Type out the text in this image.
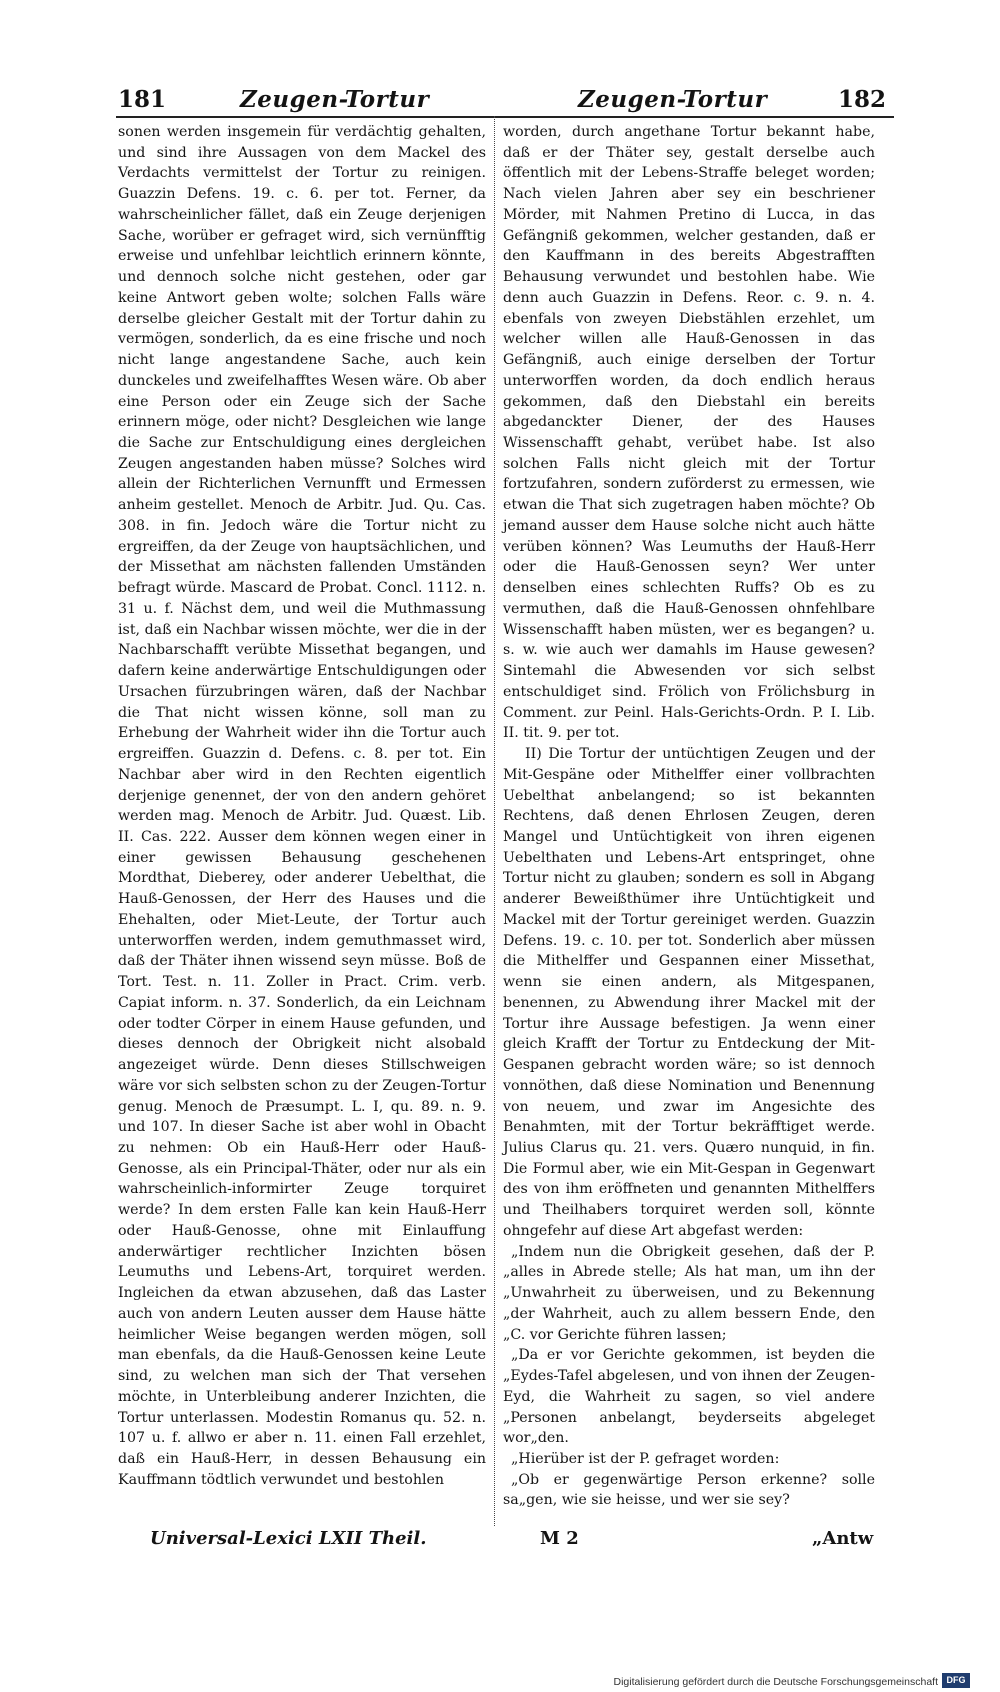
181	Zeugen-Tortur	Zeugen-Tortur	182

sonen werden insgemein für verdächtig gehalten, und sind ihre Aussagen von dem Mackel des Verdachts vermittelst der Tortur zu reinigen. Guazzin Defens. 19. c. 6. per tot. Ferner, da wahrscheinlicher fället, daß ein Zeuge derjenigen Sache, worüber er gefraget wird, sich vernünfftig erweise und unfehlbar leichtlich erinnern könnte, und dennoch solche nicht gestehen, oder gar keine Antwort geben wolte; solchen Falls wäre derselbe gleicher Gestalt mit der Tortur dahin zu vermögen, sonderlich, da es eine frische und noch nicht lange angestandene Sache, auch kein dunckeles und zweifelhafftes Wesen wäre. Ob aber eine Person oder ein Zeuge sich der Sache erinnern möge, oder nicht? Desgleichen wie lange die Sache zur Entschuldigung eines dergleichen Zeugen angestanden haben müsse? Solches wird allein der Richterlichen Vernunfft und Ermessen anheim gestellet. Menoch de Arbitr. Jud. Qu. Cas. 308. in fin. Jedoch wäre die Tortur nicht zu ergreiffen, da der Zeuge von hauptsächlichen, und der Missethat am nächsten fallenden Umständen befragt würde. Mascard de Probat. Concl. 1112. n. 31 u. f. Nächst dem, und weil die Muthmassung ist, daß ein Nachbar wissen möchte, wer die in der Nachbarschafft verübte Missethat begangen, und dafern keine anderwärtige Entschuldigungen oder Ursachen fürzubringen wären, daß der Nachbar die That nicht wissen könne, soll man zu Erhebung der Wahrheit wider ihn die Tortur auch ergreiffen. Guazzin d. Defens. c. 8. per tot. Ein Nachbar aber wird in den Rechten eigentlich derjenige genennet, der von den andern gehöret werden mag. Menoch de Arbitr. Jud. Quæst. Lib. II. Cas. 222. Ausser dem können wegen einer in einer gewissen Behausung geschehenen Mordthat, Dieberey, oder anderer Uebelthat, die Hauß-Genossen, der Herr des Hauses und die Ehehalten, oder Miet-Leute, der Tortur auch unterworffen werden, indem gemuthmasset wird, daß der Thäter ihnen wissend seyn müsse. Boß de Tort. Test. n. 11. Zoller in Pract. Crim. verb. Capiat inform. n. 37. Sonderlich, da ein Leichnam oder todter Cörper in einem Hause gefunden, und dieses dennoch der Obrigkeit nicht alsobald angezeiget würde. Denn dieses Stillschweigen wäre vor sich selbsten schon zu der Zeugen-Tortur genug. Menoch de Præsumpt. L. I, qu. 89. n. 9. und 107. In dieser Sache ist aber wohl in Obacht zu nehmen: Ob ein Hauß-Herr oder Hauß-Genosse, als ein Principal-Thäter, oder nur als ein wahrscheinlich-informirter Zeuge torquiret werde? In dem ersten Falle kan kein Hauß-Herr oder Hauß-Genosse, ohne mit Einlauffung anderwärtiger rechtlicher Inzichten bösen Leumuths und Lebens-Art, torquiret werden. Ingleichen da etwan abzusehen, daß das Laster auch von andern Leuten ausser dem Hause hätte heimlicher Weise begangen werden mögen, soll man ebenfals, da die Hauß-Genossen keine Leute sind, zu welchen man sich der That versehen möchte, in Unterbleibung anderer Inzichten, die Tortur unterlassen. Modestin Romanus qu. 52. n. 107 u. f. allwo er aber n. 11. einen Fall erzehlet, daß ein Hauß-Herr, in dessen Behausung ein Kauffmann tödtlich verwundet und bestohlen

worden, durch angethane Tortur bekannt habe, daß er der Thäter sey, gestalt derselbe auch öffentlich mit der Lebens-Straffe beleget worden; Nach vielen Jahren aber sey ein beschriener Mörder, mit Nahmen Pretino di Lucca, in das Gefängniß gekommen, welcher gestanden, daß er den Kauffmann in des bereits Abgestrafften Behausung verwundet und bestohlen habe. Wie denn auch Guazzin in Defens. Reor. c. 9. n. 4. ebenfals von zweyen Diebstählen erzehlet, um welcher willen alle Hauß-Genossen in das Gefängniß, auch einige derselben der Tortur unterworffen worden, da doch endlich heraus gekommen, daß den Diebstahl ein bereits abgedanckter Diener, der des Hauses Wissenschafft gehabt, verübet habe. Ist also solchen Falls nicht gleich mit der Tortur fortzufahren, sondern zuförderst zu ermessen, wie etwan die That sich zugetragen haben möchte? Ob jemand ausser dem Hause solche nicht auch hätte verüben können? Was Leumuths der Hauß-Herr oder die Hauß-Genossen seyn? Wer unter denselben eines schlechten Ruffs? Ob es zu vermuthen, daß die Hauß-Genossen ohnfehlbare Wissenschafft haben müsten, wer es begangen? u. s. w. wie auch wer damahls im Hause gewesen? Sintemahl die Abwesenden vor sich selbst entschuldiget sind. Frölich von Frölichsburg in Comment. zur Peinl. Hals-Gerichts-Ordn. P. I. Lib. II. tit. 9. per tot.

II) Die Tortur der untüchtigen Zeugen und der Mit-Gespäne oder Mithelffer einer vollbrachten Uebelthat anbelangend; so ist bekannten Rechtens, daß denen Ehrlosen Zeugen, deren Mangel und Untüchtigkeit von ihren eigenen Uebelthaten und Lebens-Art entspringet, ohne Tortur nicht zu glauben; sondern es soll in Abgang anderer Beweißthümer ihre Untüchtigkeit und Mackel mit der Tortur gereiniget werden. Guazzin Defens. 19. c. 10. per tot. Sonderlich aber müssen die Mithelffer und Gespannen einer Missethat, wenn sie einen andern, als Mitgespanen, benennen, zu Abwendung ihrer Mackel mit der Tortur ihre Aussage befestigen. Ja wenn einer gleich Krafft der Tortur zu Entdeckung der Mit-Gespanen gebracht worden wäre; so ist dennoch vonnöthen, daß diese Nomination und Benennung von neuem, und zwar im Angesichte des Benahmten, mit der Tortur bekräfftiget werde. Julius Clarus qu. 21. vers. Quæro nunquid, in fin. Die Formul aber, wie ein Mit-Gespan in Gegenwart des von ihm eröffneten und genannten Mithelffers und Theilhabers torquiret werden soll, könnte ohngefehr auf diese Art abgefast werden:

„Indem nun die Obrigkeit gesehen, daß der P. „alles in Abrede stelle; Als hat man, um ihn der „Unwahrheit zu überweisen, und zu Bekennung „der Wahrheit, auch zu allem bessern Ende, den „C. vor Gerichte führen lassen;

„Da er vor Gerichte gekommen, ist beyden die „Eydes-Tafel abgelesen, und von ihnen der Zeugen-Eyd, die Wahrheit zu sagen, so viel andere „Personen anbelangt, beyderseits abgeleget wor„den.

„Hierüber ist der P. gefraget worden:

„Ob er gegenwärtige Person erkenne? solle sa„gen, wie sie heisse, und wer sie sey?

Universal-Lexici LXII Theil.	M 2	„Antw
Digitalisierung gefördert durch die Deutsche Forschungsgemeinschaft DFG
